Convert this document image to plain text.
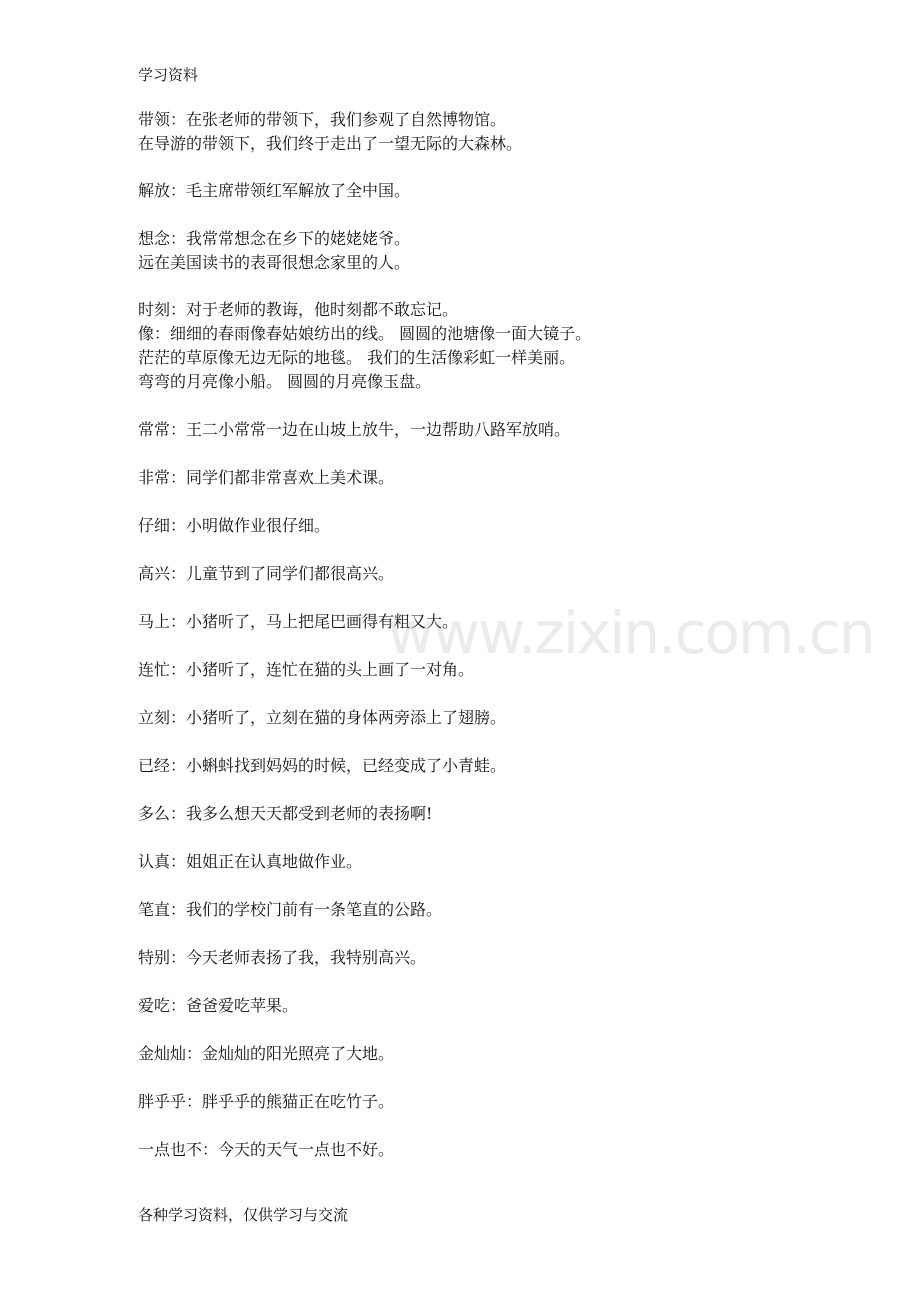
学习资料
带领：在张老师的带领下，我们参观了自然博物馆。
在导游的带领下，我们终于走出了一望无际的大森林。
解放：毛主席带领红军解放了全中国。
想念：我常常想念在乡下的姥姥姥爷。
远在美国读书的表哥很想念家里的人。
时刻：对于老师的教诲，他时刻都不敢忘记。
像：细细的春雨像春姑娘纺出的线。 圆圆的池塘像一面大镜子。
茫茫的草原像无边无际的地毯。 我们的生活像彩虹一样美丽。
弯弯的月亮像小船。 圆圆的月亮像玉盘。
常常：王二小常常一边在山坡上放牛，一边帮助八路军放哨。
非常：同学们都非常喜欢上美术课。
仔细：小明做作业很仔细。
高兴：儿童节到了同学们都很高兴。
马上：小猪听了，马上把尾巴画得有粗又大。
连忙：小猪听了，连忙在猫的头上画了一对角。
立刻：小猪听了，立刻在猫的身体两旁添上了翅膀。
已经：小蝌蚪找到妈妈的时候，已经变成了小青蛙。
多么：我多么想天天都受到老师的表扬啊!
认真：姐姐正在认真地做作业。
笔直：我们的学校门前有一条笔直的公路。
特别：今天老师表扬了我，我特别高兴。
爱吃：爸爸爱吃苹果。
金灿灿：金灿灿的阳光照亮了大地。
胖乎乎：胖乎乎的熊猫正在吃竹子。
一点也不：今天的天气一点也不好。
www.zixin.com.cn
各种学习资料，仅供学习与交流
